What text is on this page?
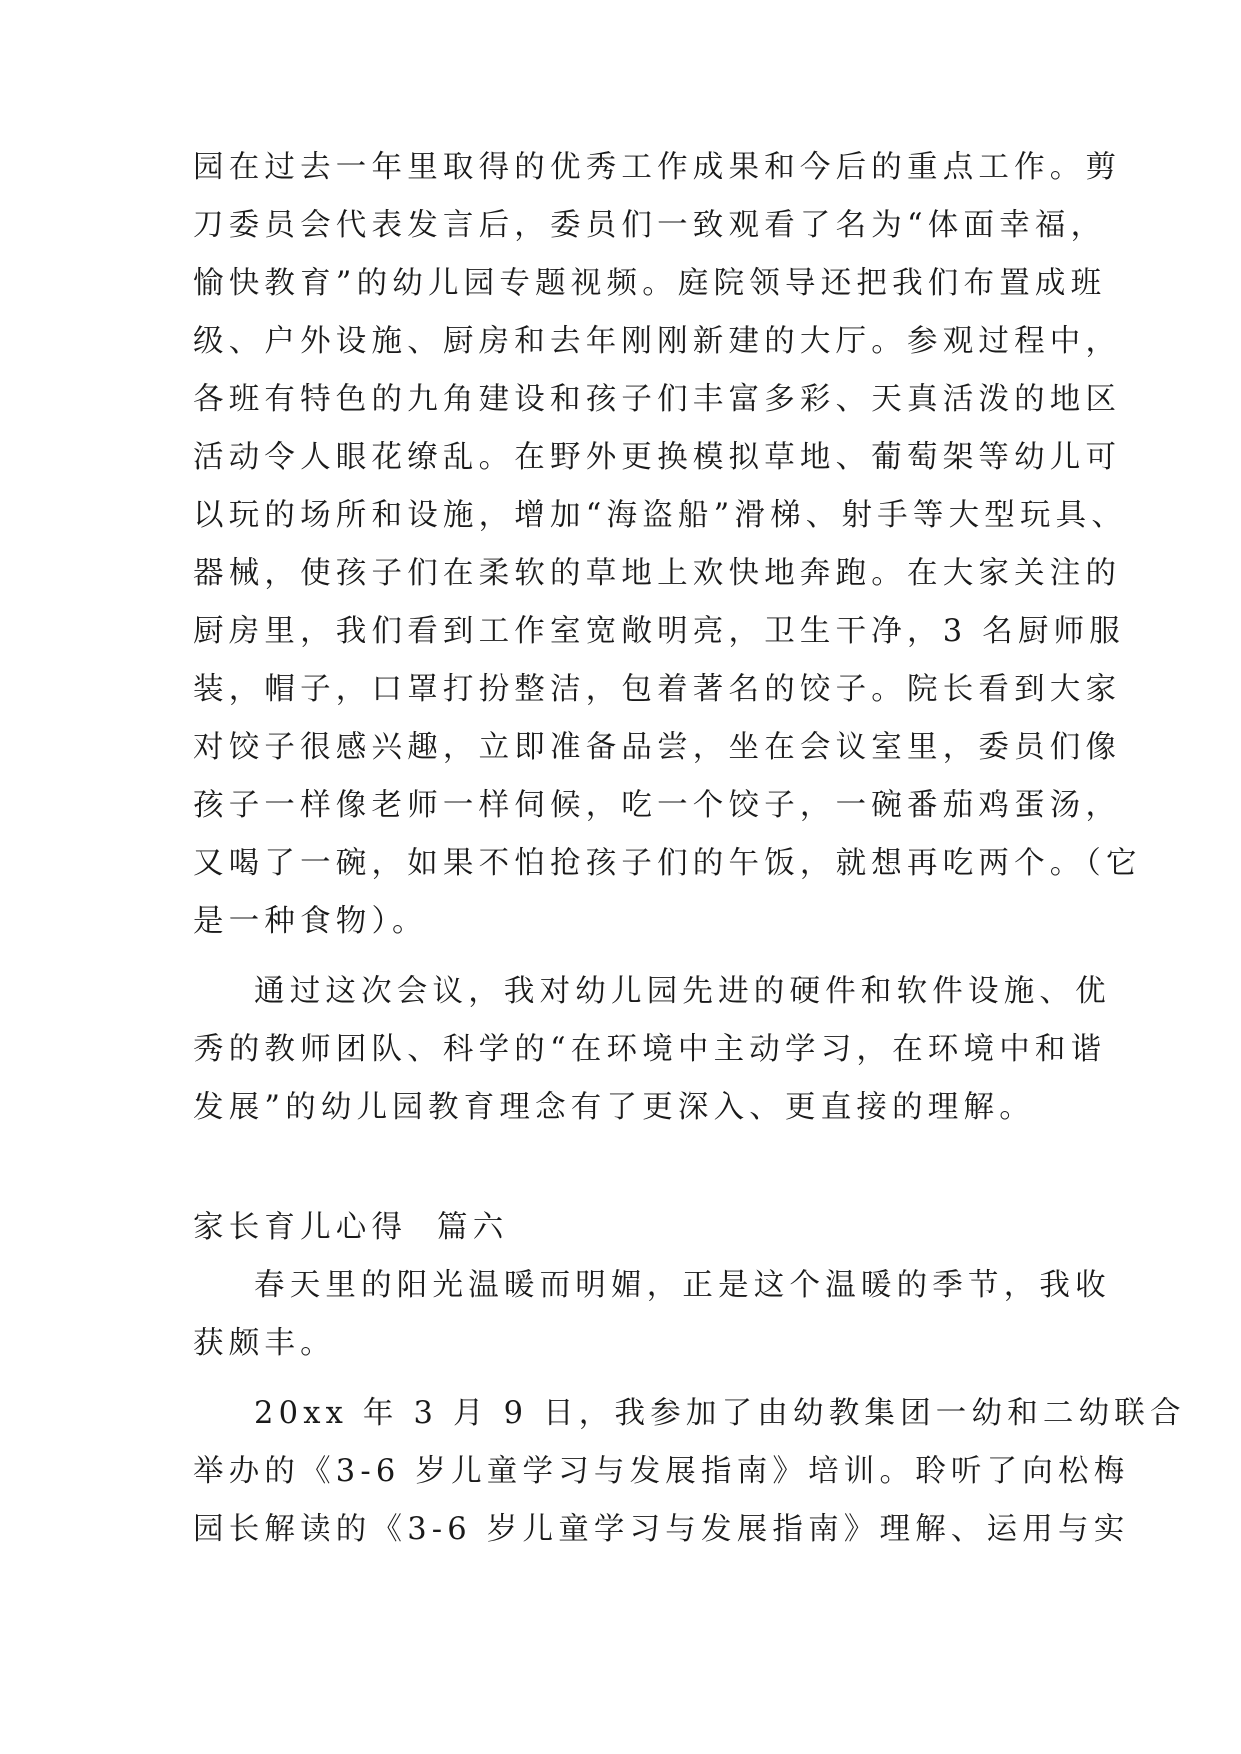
园在过去一年里取得的优秀工作成果和今后的重点工作。剪
刀委员会代表发言后，委员们一致观看了名为“体面幸福，
愉快教育”的幼儿园专题视频。庭院领导还把我们布置成班
级、户外设施、厨房和去年刚刚新建的大厅。参观过程中，
各班有特色的九角建设和孩子们丰富多彩、天真活泼的地区
活动令人眼花缭乱。在野外更换模拟草地、葡萄架等幼儿可
以玩的场所和设施，增加“海盗船”滑梯、射手等大型玩具、
器械，使孩子们在柔软的草地上欢快地奔跑。在大家关注的
厨房里，我们看到工作室宽敞明亮，卫生干净，3 名厨师服
装，帽子，口罩打扮整洁，包着著名的饺子。院长看到大家
对饺子很感兴趣，立即准备品尝，坐在会议室里，委员们像
孩子一样像老师一样伺候，吃一个饺子，一碗番茄鸡蛋汤，
又喝了一碗，如果不怕抢孩子们的午饭，就想再吃两个。（它
是一种食物）。
通过这次会议，我对幼儿园先进的硬件和软件设施、优
秀的教师团队、科学的“在环境中主动学习，在环境中和谐
发展”的幼儿园教育理念有了更深入、更直接的理解。
家长育儿心得  篇六
春天里的阳光温暖而明媚，正是这个温暖的季节，我收
获颇丰。
20xx 年 3 月 9 日，我参加了由幼教集团一幼和二幼联合
举办的《3-6 岁儿童学习与发展指南》培训。聆听了向松梅
园长解读的《3-6 岁儿童学习与发展指南》理解、运用与实
